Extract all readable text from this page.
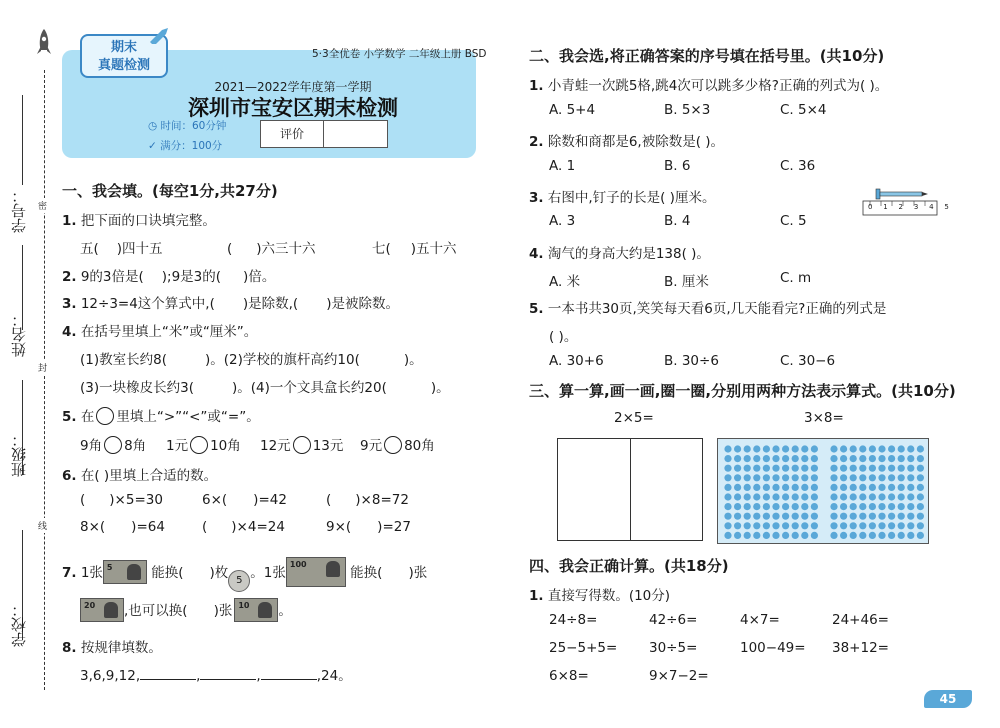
学号：
姓名：
班级：
学校：
密
封
线
期末
真题检测
5·3全优卷 小学数学 二年级上册 BSD
2021—2022学年度第一学期
深圳市宝安区期末检测
◷ 时间：60分钟
✓ 满分：100分
评价
一、我会填。(每空1分,共27分)
1. 把下面的口诀填完整。
五( )四十五	( )六三十六	七( )五十六
2. 9的3倍是( );9是3的( )倍。
3. 12÷3=4这个算式中,( )是除数,( )是被除数。
4. 在括号里填上“米”或“厘米”。
(1)教室长约8(	)。(2)学校的旗杆高约10(	)。
(3)一块橡皮长约3(	)。(4)一个文具盒长约20(	)。
5. 在 里填上“>”“<”或“=”。
9角 8角 1元 10角 12元 13元 9元 80角
6. 在( )里填上合适的数。
( )×5=30	6×( )=42	( )×8=72
8×( )=64	( )×4=24	9×( )=27
7. 1张 5	能换( )枚 5 。1张
100
能换( )张
20 ,也可以换( )张 10 。
8. 按规律填数。
3,6,9,12,	,	,	,24。
二、我会选,将正确答案的序号填在括号里。(共10分)
1. 小青蛙一次跳5格,跳4次可以跳多少格?正确的列式为( )。
A. 5+4	B. 5×3	C. 5×4
2. 除数和商都是6,被除数是( )。
A. 1	B. 6	C. 36
3. 右图中,钉子的长是( )厘米。
0 1 2 3 4 5
A. 3	B. 4	C. 5
4. 淘气的身高大约是138( )。
A. 米	B. 厘米	C. m
5. 一本书共30页,笑笑每天看6页,几天能看完?正确的列式是
( )。
A. 30+6	B. 30÷6	C. 30−6
三、算一算,画一画,圈一圈,分别用两种方法表示算式。(共10分)
2×5=	3×8=
四、我会正确计算。(共18分)
1. 直接写得数。(10分)
24÷8=	42÷6=	4×7=	24+46=
25−5+5= 30÷5=	100−49= 38+12=
6×8=	9×7−2=
45
